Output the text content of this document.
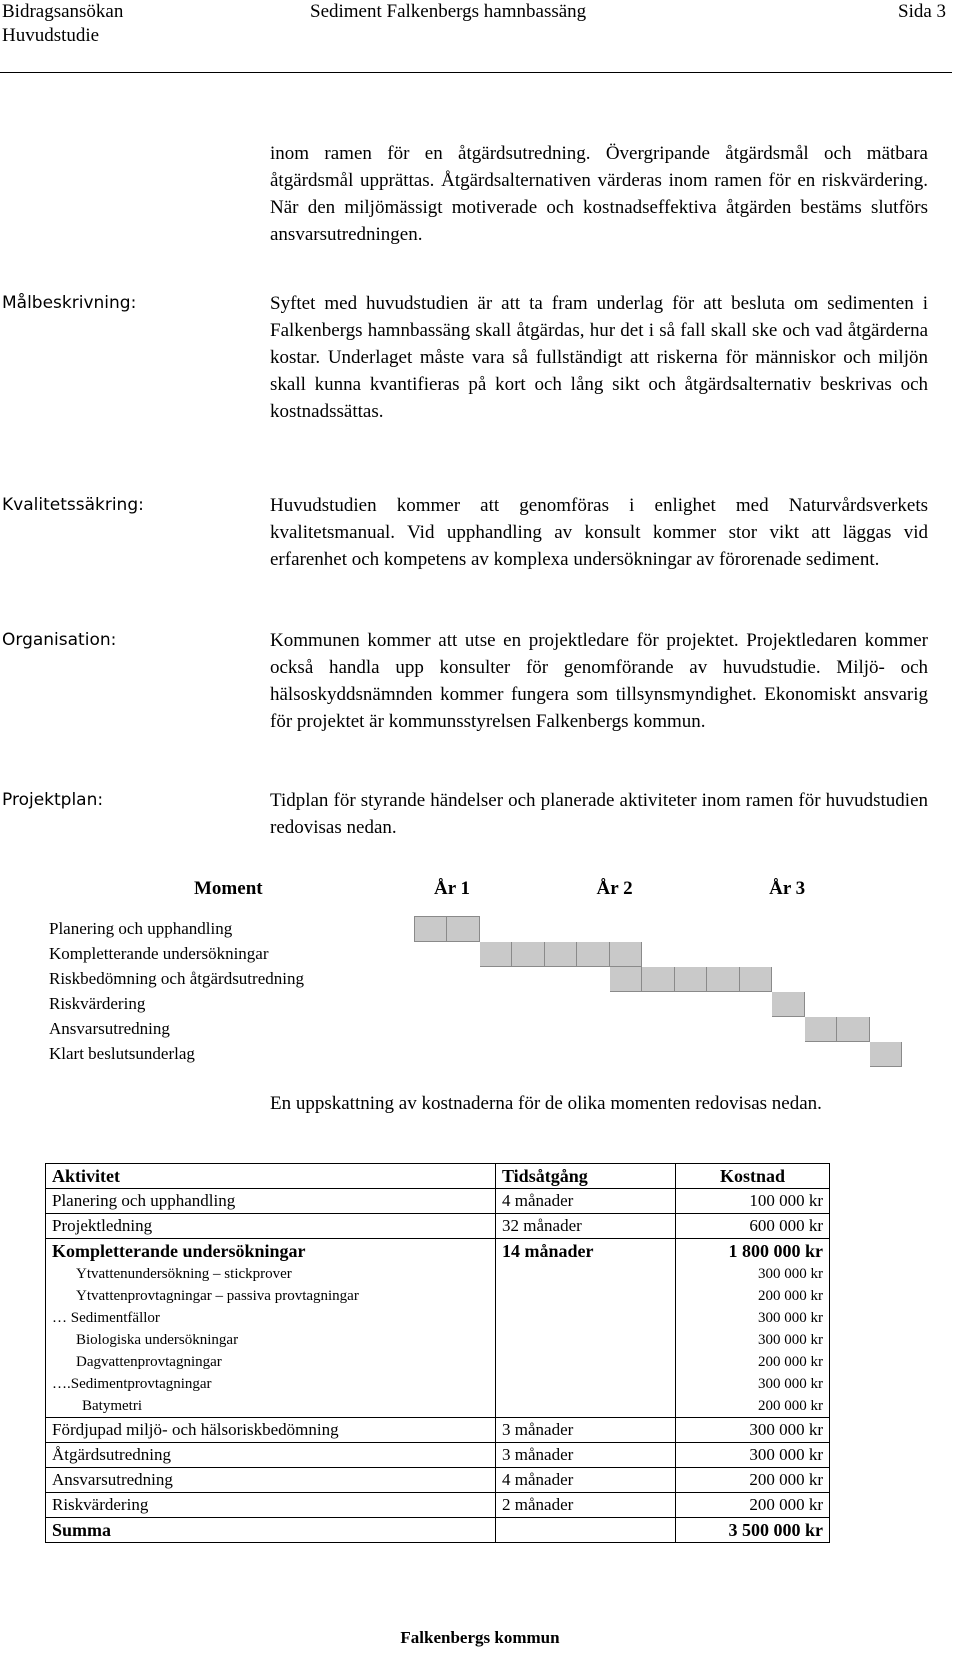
Bidragsansökan
Huvudstudie
Sediment Falkenbergs hamnbassäng	Sida 3

inom ramen för en åtgärdsutredning. Övergripande åtgärdsmål och mätbara åtgärdsmål upprättas. Åtgärdsalternativen värderas inom ramen för en riskvärdering. När den miljömässigt motiverade och kostnadseffektiva åtgärden bestäms slutförs ansvarsutredningen.

Målbeskrivning:	Syftet med huvudstudien är att ta fram underlag för att besluta om sedimenten i Falkenbergs hamnbassäng skall åtgärdas, hur det i så fall skall ske och vad åtgärderna kostar. Underlaget måste vara så fullständigt att riskerna för människor och miljön skall kunna kvantifieras på kort och lång sikt och åtgärdsalternativ beskrivas och kostnadssättas.

Kvalitetssäkring:	Huvudstudien kommer att genomföras i enlighet med Naturvårdsverkets kvalitetsmanual. Vid upphandling av konsult kommer stor vikt att läggas vid erfarenhet och kompetens av komplexa undersökningar av förorenade sediment.

Organisation:	Kommunen kommer att utse en projektledare för projektet. Projektledaren kommer också handla upp konsulter för genomförande av huvudstudie. Miljö- och hälsoskyddsnämnden kommer fungera som tillsynsmyndighet. Ekonomiskt ansvarig för projektet är kommunsstyrelsen Falkenbergs kommun.

Projektplan:	Tidplan för styrande händelser och planerade aktiviteter inom ramen för huvudstudien redovisas nedan.

Moment	År 1					År 2					År 3				
Planering och upphandling															
Kompletterande undersökningar															
Riskbedömning och åtgärdsutredning															
Riskvärdering															
Ansvarsutredning															
Klart beslutsunderlag															

En uppskattning av kostnaderna för de olika momenten redovisas nedan.

Aktivitet	Tidsåtgång	Kostnad
Planering och upphandling	4 månader	100 000 kr
Projektledning	32 månader	600 000 kr
Kompletterande undersökningar	14 månader	1 800 000 kr
Ytvattenundersökning – stickprover		300 000 kr
Ytvattenprovtagningar – passiva provtagningar		200 000 kr
… Sedimentfällor		300 000 kr
Biologiska undersökningar		300 000 kr
Dagvattenprovtagningar		200 000 kr
….Sedimentprovtagningar		300 000 kr
Batymetri		200 000 kr
Fördjupad miljö- och hälsoriskbedömning	3 månader	300 000 kr
Åtgärdsutredning	3 månader	300 000 kr
Ansvarsutredning	4 månader	200 000 kr
Riskvärdering	2 månader	200 000 kr
Summa		3 500 000 kr
Falkenbergs kommun
